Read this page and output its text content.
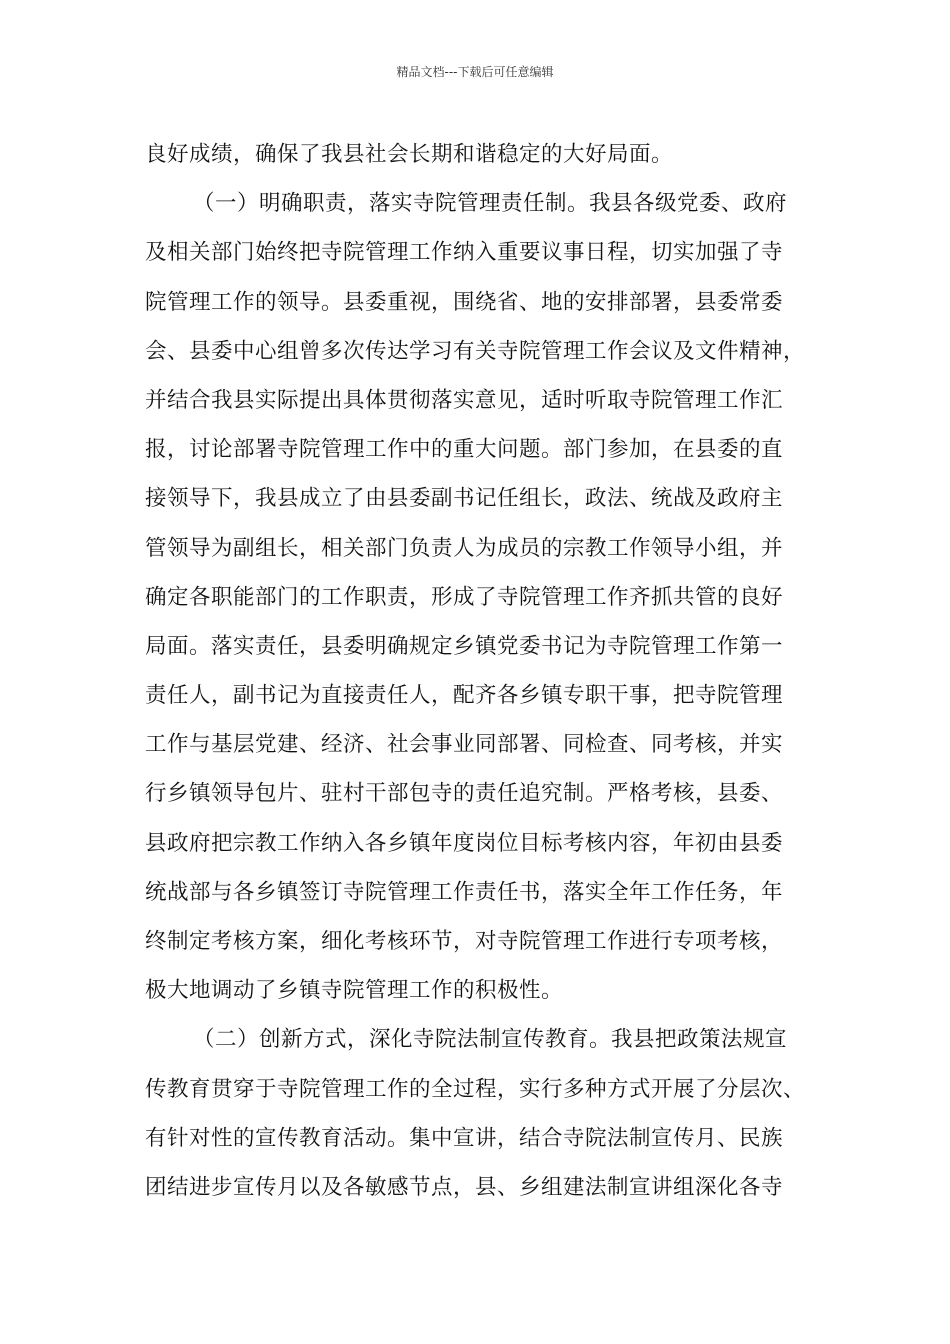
精品文档---下载后可任意编辑
良好成绩，确保了我县社会长期和谐稳定的大好局面。
（一）明确职责，落实寺院管理责任制。我县各级党委、政府
及相关部门始终把寺院管理工作纳入重要议事日程，切实加强了寺
院管理工作的领导。县委重视，围绕省、地的安排部署，县委常委
会、县委中心组曾多次传达学习有关寺院管理工作会议及文件精神，
并结合我县实际提出具体贯彻落实意见，适时听取寺院管理工作汇
报，讨论部署寺院管理工作中的重大问题。部门参加，在县委的直
接领导下，我县成立了由县委副书记任组长，政法、统战及政府主
管领导为副组长，相关部门负责人为成员的宗教工作领导小组，并
确定各职能部门的工作职责，形成了寺院管理工作齐抓共管的良好
局面。落实责任，县委明确规定乡镇党委书记为寺院管理工作第一
责任人，副书记为直接责任人，配齐各乡镇专职干事，把寺院管理
工作与基层党建、经济、社会事业同部署、同检查、同考核，并实
行乡镇领导包片、驻村干部包寺的责任追究制。严格考核，县委、
县政府把宗教工作纳入各乡镇年度岗位目标考核内容，年初由县委
统战部与各乡镇签订寺院管理工作责任书，落实全年工作任务，年
终制定考核方案，细化考核环节，对寺院管理工作进行专项考核，
极大地调动了乡镇寺院管理工作的积极性。
（二）创新方式，深化寺院法制宣传教育。我县把政策法规宣
传教育贯穿于寺院管理工作的全过程，实行多种方式开展了分层次、
有针对性的宣传教育活动。集中宣讲，结合寺院法制宣传月、民族
团结进步宣传月以及各敏感节点，县、乡组建法制宣讲组深化各寺
